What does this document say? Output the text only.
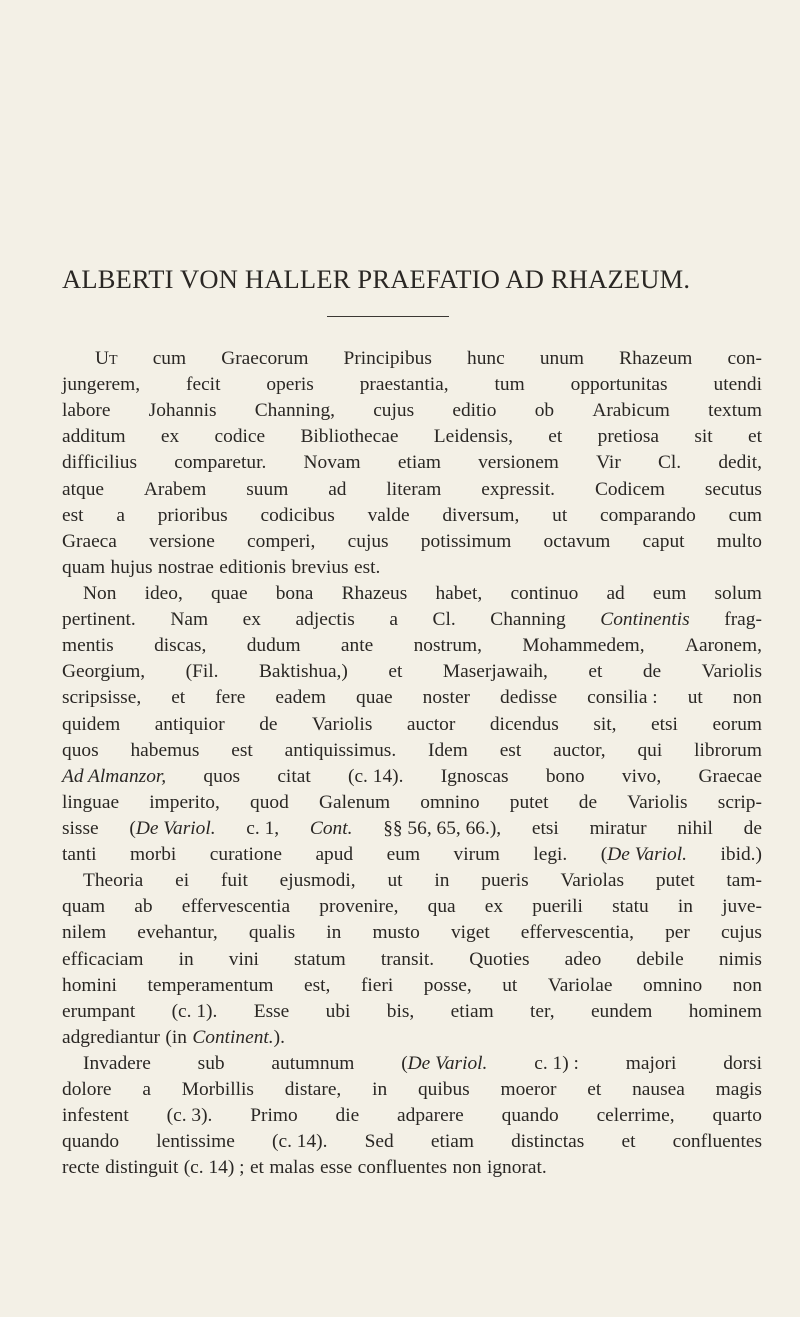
ALBERTI VON HALLER PRAEFATIO AD RHAZEUM.
Ut cum Graecorum Principibus hunc unum Rhazeum con-
jungerem, fecit operis praestantia, tum opportunitas utendi
labore Johannis Channing, cujus editio ob Arabicum textum
additum ex codice Bibliothecae Leidensis, et pretiosa sit et
difficilius comparetur. Novam etiam versionem Vir Cl. dedit,
atque Arabem suum ad literam expressit. Codicem secutus
est a prioribus codicibus valde diversum, ut comparando cum
Graeca versione comperi, cujus potissimum octavum caput multo
quam hujus nostrae editionis brevius est.
Non ideo, quae bona Rhazeus habet, continuo ad eum solum
pertinent. Nam ex adjectis a Cl. Channing Continentis frag-
mentis discas, dudum ante nostrum, Mohammedem, Aaronem,
Georgium, (Fil. Baktishua,) et Maserjawaih, et de Variolis
scripsisse, et fere eadem quae noster dedisse consilia : ut non
quidem antiquior de Variolis auctor dicendus sit, etsi eorum
quos habemus est antiquissimus. Idem est auctor, qui librorum
Ad Almanzor, quos citat (c. 14). Ignoscas bono vivo, Graecae
linguae imperito, quod Galenum omnino putet de Variolis scrip-
sisse ( De Variol. c. 1, Cont. §§ 56, 65, 66.), etsi miratur nihil de
tanti morbi curatione apud eum virum legi. ( De Variol. ibid.)
Theoria ei fuit ejusmodi, ut in pueris Variolas putet tam-
quam ab effervescentia provenire, qua ex puerili statu in juve-
nilem evehantur, qualis in musto viget effervescentia, per cujus
efficaciam in vini statum transit. Quoties adeo debile nimis
homini temperamentum est, fieri posse, ut Variolae omnino non
erumpant (c. 1). Esse ubi bis, etiam ter, eundem hominem
adgrediantur (in Continent. ).
Invadere sub autumnum ( De Variol. c. 1) : majori dorsi
dolore a Morbillis distare, in quibus moeror et nausea magis
infestent (c. 3). Primo die adparere quando celerrime, quarto
quando lentissime (c. 14). Sed etiam distinctas et confluentes
recte distinguit (c. 14) ; et malas esse confluentes non ignorat.
